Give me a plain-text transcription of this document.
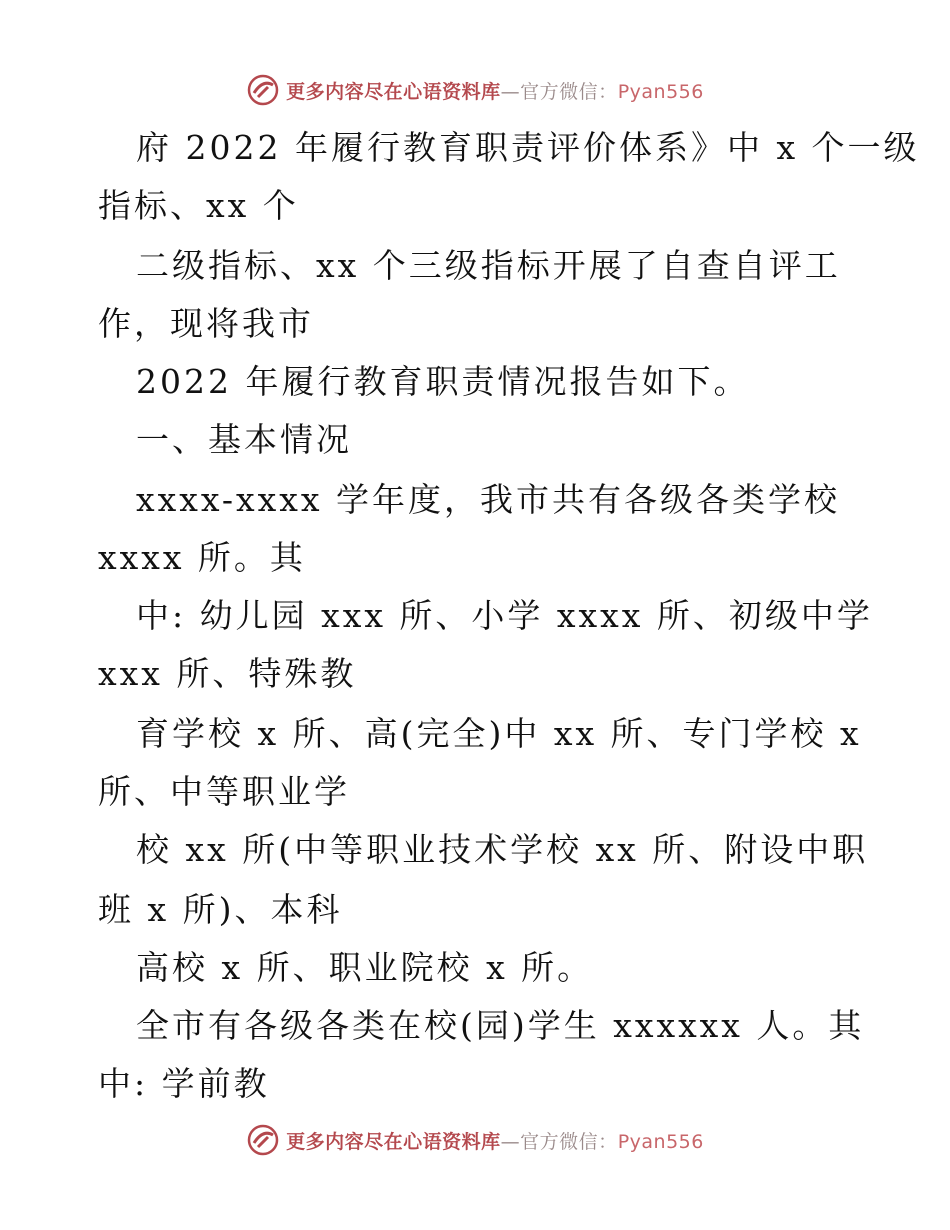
更多内容尽在心语资料库—官方微信：Pyan556
府 2022 年履行教育职责评价体系》中 x 个一级
指标、xx 个
二级指标、xx 个三级指标开展了自查自评工
作，现将我市
2022 年履行教育职责情况报告如下。
一、基本情况
xxxx-xxxx 学年度，我市共有各级各类学校
xxxx 所。其
中: 幼儿园 xxx 所、小学 xxxx 所、初级中学
xxx 所、特殊教
育学校 x 所、高(完全)中 xx 所、专门学校 x
所、中等职业学
校 xx 所(中等职业技术学校 xx 所、附设中职
班 x 所)、本科
高校 x 所、职业院校 x 所。
全市有各级各类在校(园)学生 xxxxxx 人。其
中: 学前教
更多内容尽在心语资料库—官方微信：Pyan556
